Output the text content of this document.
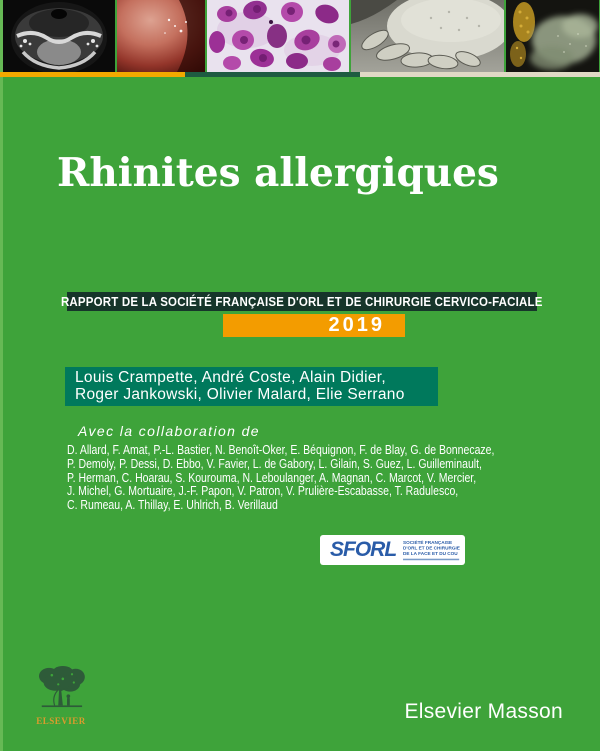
Rhinites allergiques
RAPPORT DE LA SOCIÉTÉ FRANÇAISE D'ORL ET DE CHIRURGIE CERVICO-FACIALE
2019
Louis Crampette, André Coste, Alain Didier,
Roger Jankowski, Olivier Malard, Elie Serrano
Avec la collaboration de
D. Allard, F. Amat, P.-L. Bastier, N. Benoît-Oker, E. Béquignon, F. de Blay, G. de Bonnecaze,
P. Demoly, P. Dessi, D. Ebbo, V. Favier, L. de Gabory, L. Gilain, S. Guez, L. Guilleminault,
P. Herman, C. Hoarau, S. Kourouma, N. Leboulanger, A. Magnan, C. Marcot, V. Mercier,
J. Michel, G. Mortuaire, J.-F. Papon, V. Patron, V. Prulière-Escabasse, T. Radulesco,
C. Rumeau, A. Thillay, E. Uhlrich, B. Verillaud
SFORL SOCIÉTÉ FRANÇAISE
D'ORL ET DE CHIRURGIE
DE LA FACE ET DU COU
ELSEVIER	Elsevier Masson
